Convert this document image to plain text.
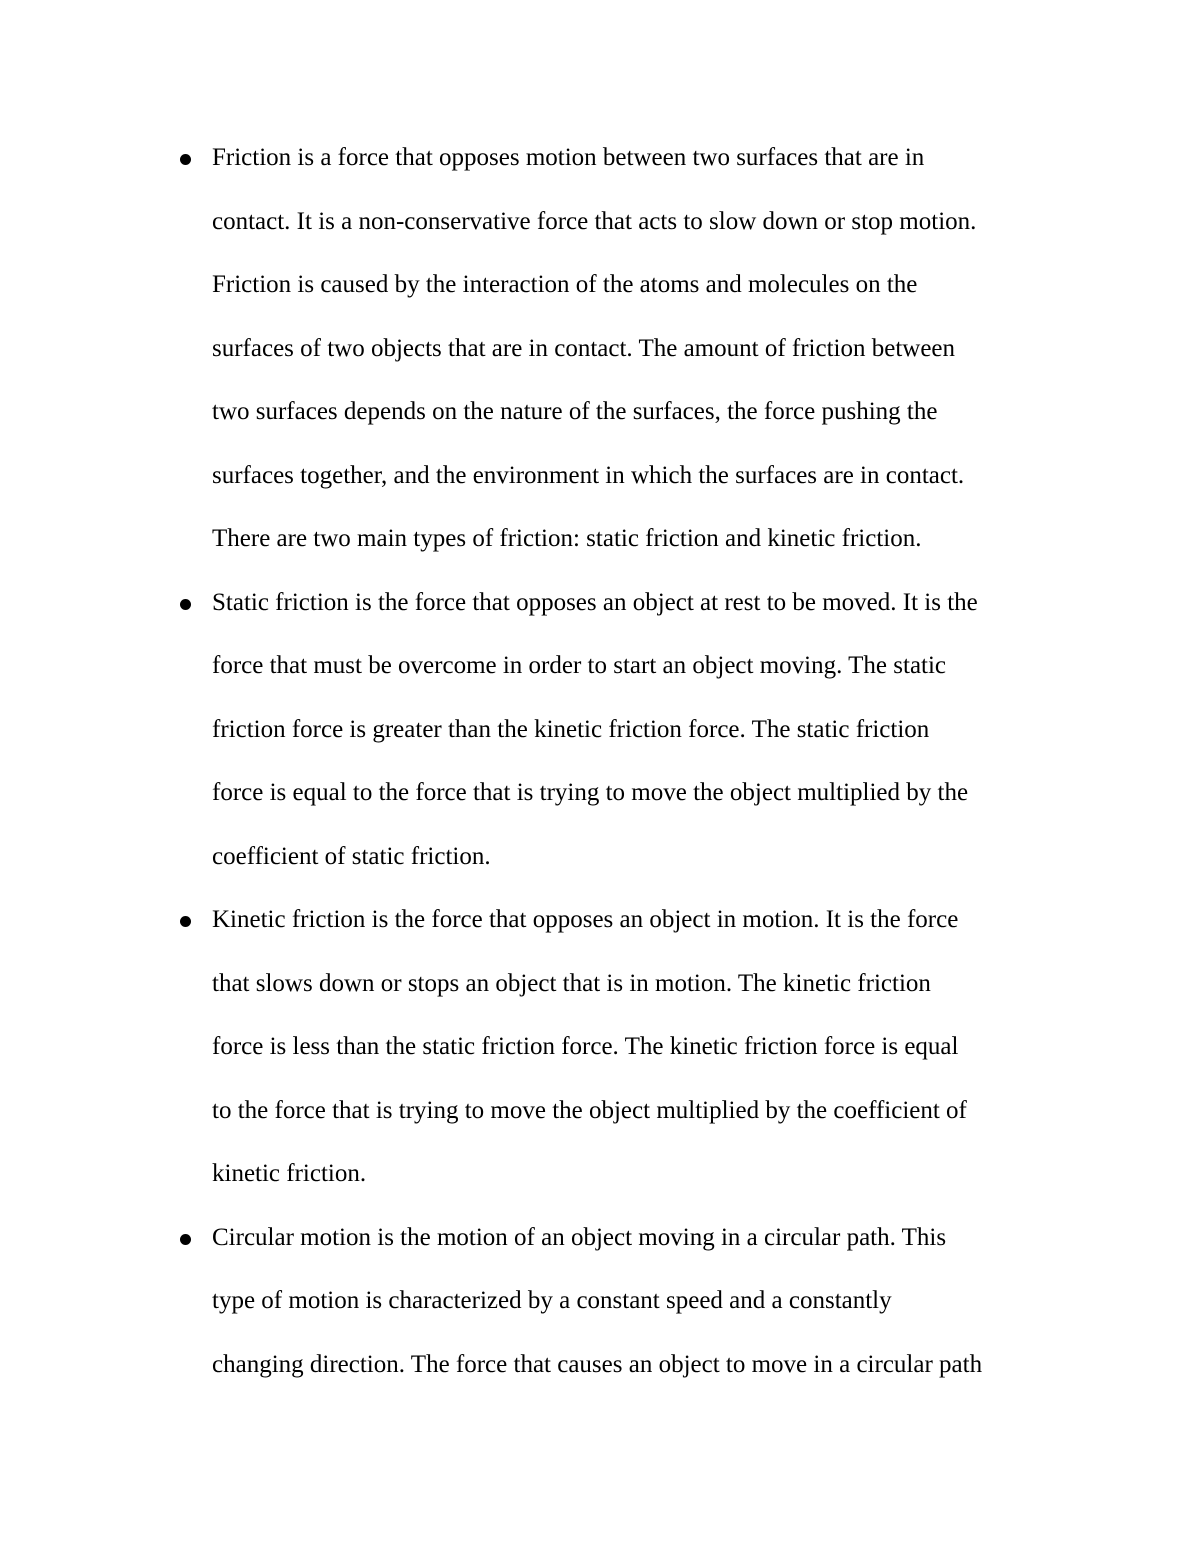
Friction is a force that opposes motion between two surfaces that are in
contact. It is a non-conservative force that acts to slow down or stop motion.
Friction is caused by the interaction of the atoms and molecules on the
surfaces of two objects that are in contact. The amount of friction between
two surfaces depends on the nature of the surfaces, the force pushing the
surfaces together, and the environment in which the surfaces are in contact.
There are two main types of friction: static friction and kinetic friction.
Static friction is the force that opposes an object at rest to be moved. It is the
force that must be overcome in order to start an object moving. The static
friction force is greater than the kinetic friction force. The static friction
force is equal to the force that is trying to move the object multiplied by the
coefficient of static friction.
Kinetic friction is the force that opposes an object in motion. It is the force
that slows down or stops an object that is in motion. The kinetic friction
force is less than the static friction force. The kinetic friction force is equal
to the force that is trying to move the object multiplied by the coefficient of
kinetic friction.
Circular motion is the motion of an object moving in a circular path. This
type of motion is characterized by a constant speed and a constantly
changing direction. The force that causes an object to move in a circular path
